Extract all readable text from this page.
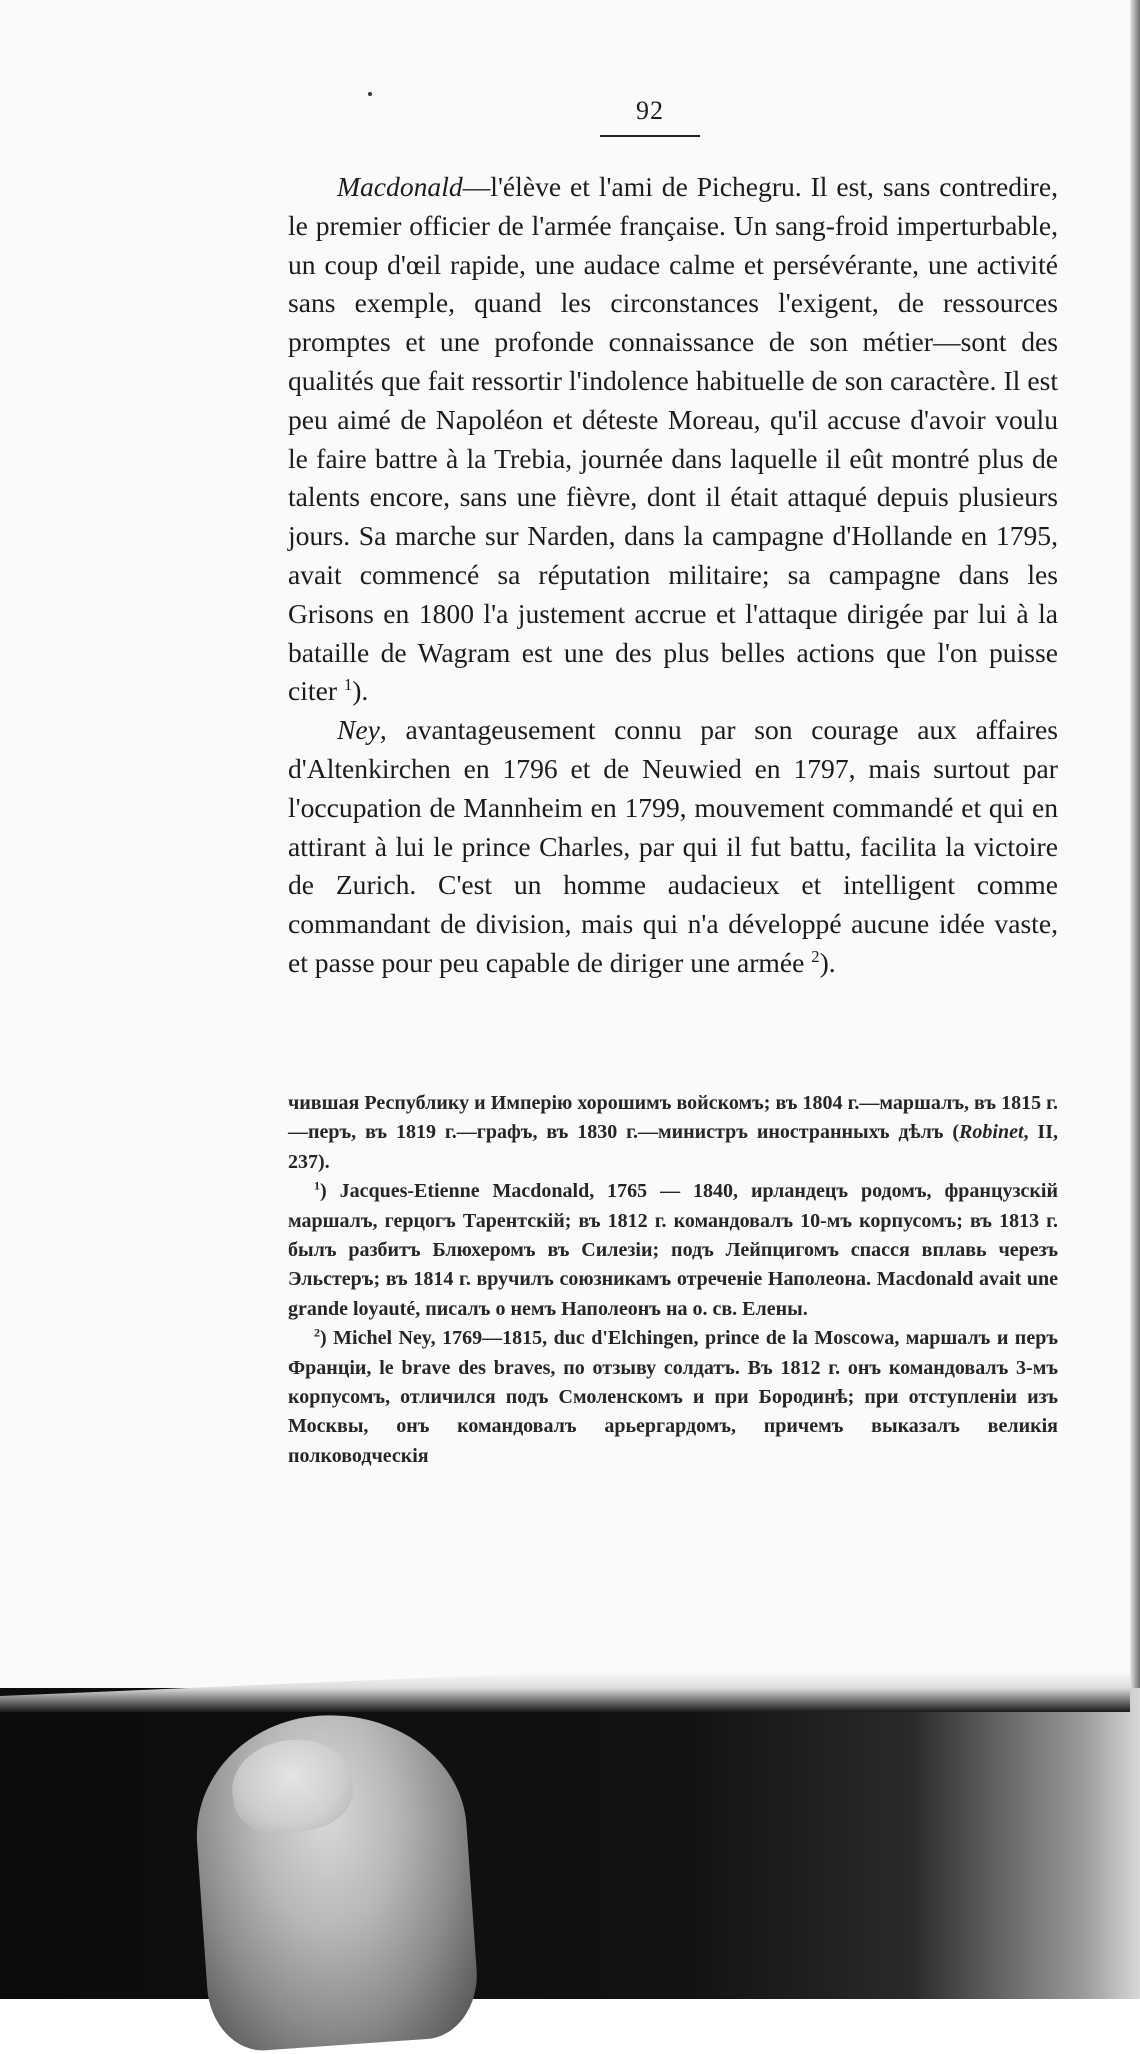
92

Macdonald—l'élève et l'ami de Pichegru. Il est, sans contredire, le premier officier de l'armée française. Un sang-froid imperturbable, un coup d'œil rapide, une audace calme et persévérante, une activité sans exemple, quand les circonstances l'exigent, de ressources promptes et une profonde connaissance de son métier—sont des qualités que fait ressortir l'indolence habituelle de son caractère. Il est peu aimé de Napoléon et déteste Moreau, qu'il accuse d'avoir voulu le faire battre à la Trebia, journée dans laquelle il eût montré plus de talents encore, sans une fièvre, dont il était attaqué depuis plusieurs jours. Sa marche sur Narden, dans la campagne d'Hollande en 1795, avait commencé sa réputation militaire; sa campagne dans les Grisons en 1800 l'a justement accrue et l'attaque dirigée par lui à la bataille de Wagram est une des plus belles actions que l'on puisse citer $^1$).

Ney, avantageusement connu par son courage aux affaires d'Altenkirchen en 1796 et de Neuwied en 1797, mais surtout par l'occupation de Mannheim en 1799, mouvement commandé et qui en attirant à lui le prince Charles, par qui il fut battu, facilita la victoire de Zurich. C'est un homme audacieux et intelligent comme commandant de division, mais qui n'a développé aucune idée vaste, et passe pour peu capable de diriger une armée $^2$).

чившая Республику и Имперію хорошимъ войскомъ; въ 1804 г.—маршалъ, въ 1815 г.—перъ, въ 1819 г.—графъ, въ 1830 г.—министръ иностранныхъ дѣлъ (Robinet, II, 237).

$^1$) Jacques-Etienne Macdonald, 1765 — 1840, ирландецъ родомъ, французскій маршалъ, герцогъ Тарентскій; въ 1812 г. командовалъ 10-мъ корпусомъ; въ 1813 г. былъ разбитъ Блюхеромъ въ Силезіи; подъ Лейпцигомъ спасся вплавь черезъ Эльстеръ; въ 1814 г. вручилъ союзникамъ отреченіе Наполеона. Macdonald avait une grande loyauté, писалъ о немъ Наполеонъ на о. св. Елены.

$^2$) Michel Ney, 1769—1815, duc d'Elchingen, prince de la Moscowa, маршалъ и перъ Франціи, le brave des braves, по отзыву солдатъ. Въ 1812 г. онъ командовалъ 3-мъ корпусомъ, отличился подъ Смоленскомъ и при Бородинѣ; при отступленіи изъ Москвы, онъ командовалъ арьергардомъ, причемъ выказалъ великія полководческія
